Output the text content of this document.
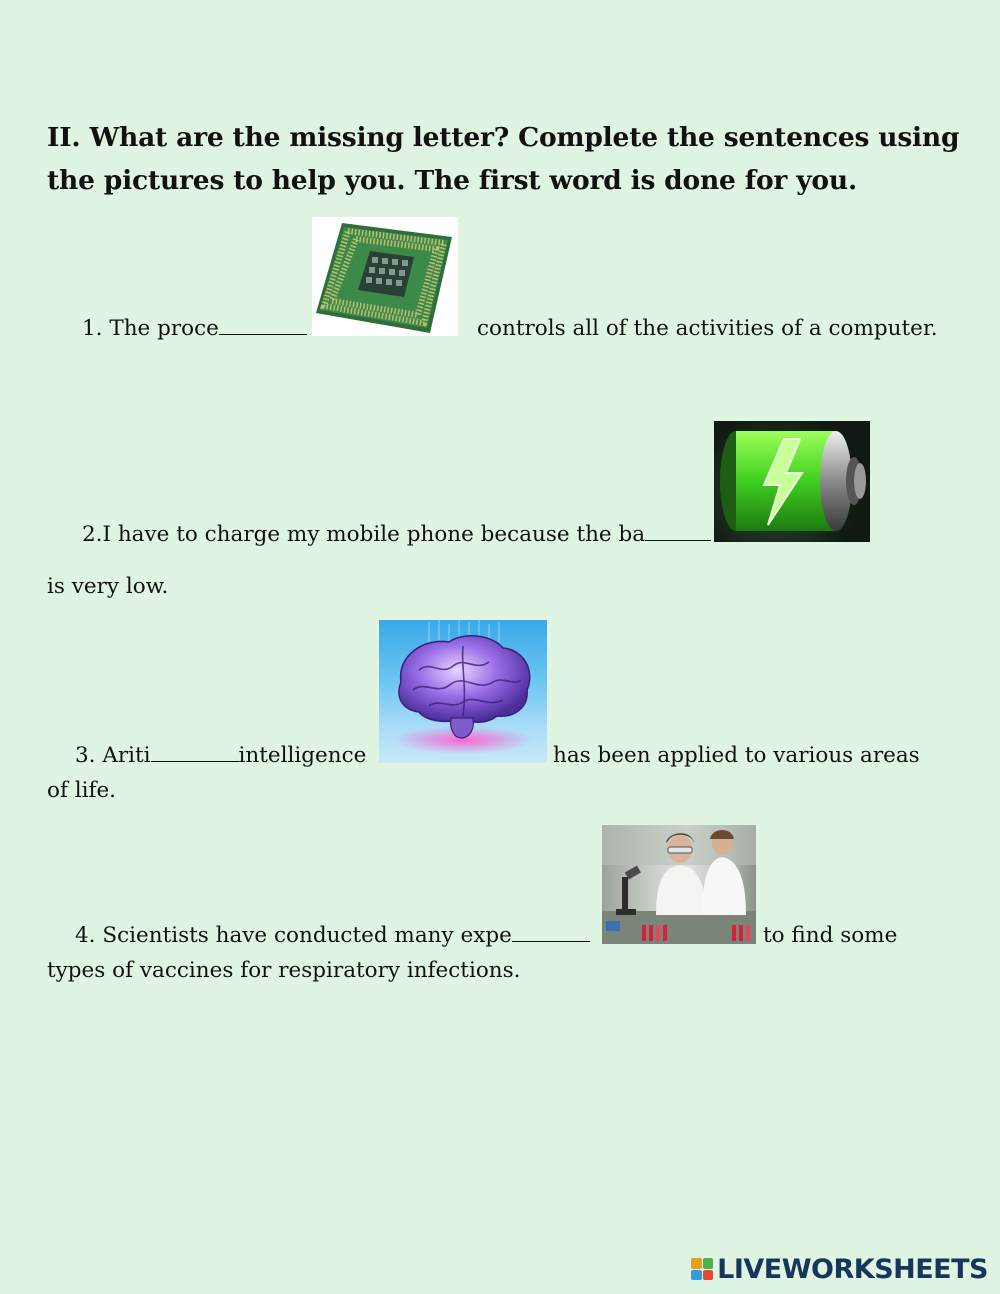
II. What are the missing letter? Complete the sentences using
the pictures to help you. The first word is done for you.
1. The proce	controls all of the activities of a computer.
2.I have to charge my mobile phone because the ba
is very low.
3. Ariti	intelligence	has been applied to various areas
of life.
4. Scientists have conducted many expe	to find some
types of vaccines for respiratory infections.
LIVEWORKSHEETS
